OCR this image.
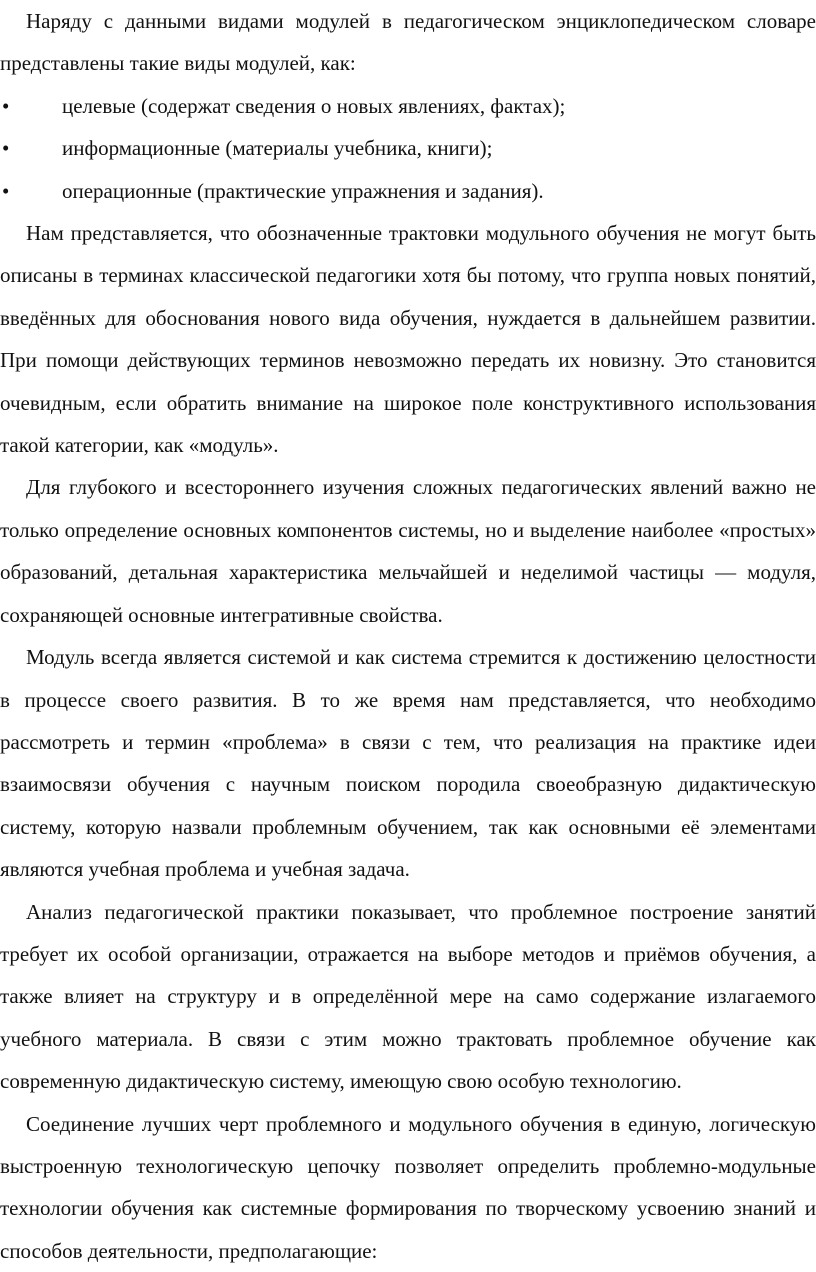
Наряду с данными видами модулей в педагогическом энциклопедическом словаре представлены такие виды модулей, как:

•	целевые (содержат сведения о новых явлениях, фактах);
•	информационные (материалы учебника, книги);
•	операционные (практические упражнения и задания).

Нам представляется, что обозначенные трактовки модульного обучения не могут быть описаны в терминах классической педагогики хотя бы потому, что группа новых понятий, введённых для обоснования нового вида обучения, нуждается в дальнейшем развитии. При помощи действующих терминов невозможно передать их новизну. Это становится очевидным, если обратить внимание на широкое поле конструктивного использования такой категории, как «модуль».

Для глубокого и всестороннего изучения сложных педагогических явлений важно не только определение основных компонентов системы, но и выделение наиболее «простых» образований, детальная характеристика мельчайшей и неделимой частицы — модуля, сохраняющей основные интегративные свойства.

Модуль всегда является системой и как система стремится к достижению целостности в процессе своего развития. В то же время нам представляется, что необходимо рассмотреть и термин «проблема» в связи с тем, что реализация на практике идеи взаимосвязи обучения с научным поиском породила своеобразную дидактическую систему, которую назвали проблемным обучением, так как основными её элементами являются учебная проблема и учебная задача.

Анализ педагогической практики показывает, что проблемное построение занятий требует их особой организации, отражается на выборе методов и приёмов обучения, а также влияет на структуру и в определённой мере на само содержание излагаемого учебного материала. В связи с этим можно трактовать проблемное обучение как современную дидактическую систему, имеющую свою особую технологию.

Соединение лучших черт проблемного и модульного обучения в единую, логическую выстроенную технологическую цепочку позволяет определить проблемно-модульные технологии обучения как системные формирования по творческому усвоению знаний и способов деятельности, предполагающие:
